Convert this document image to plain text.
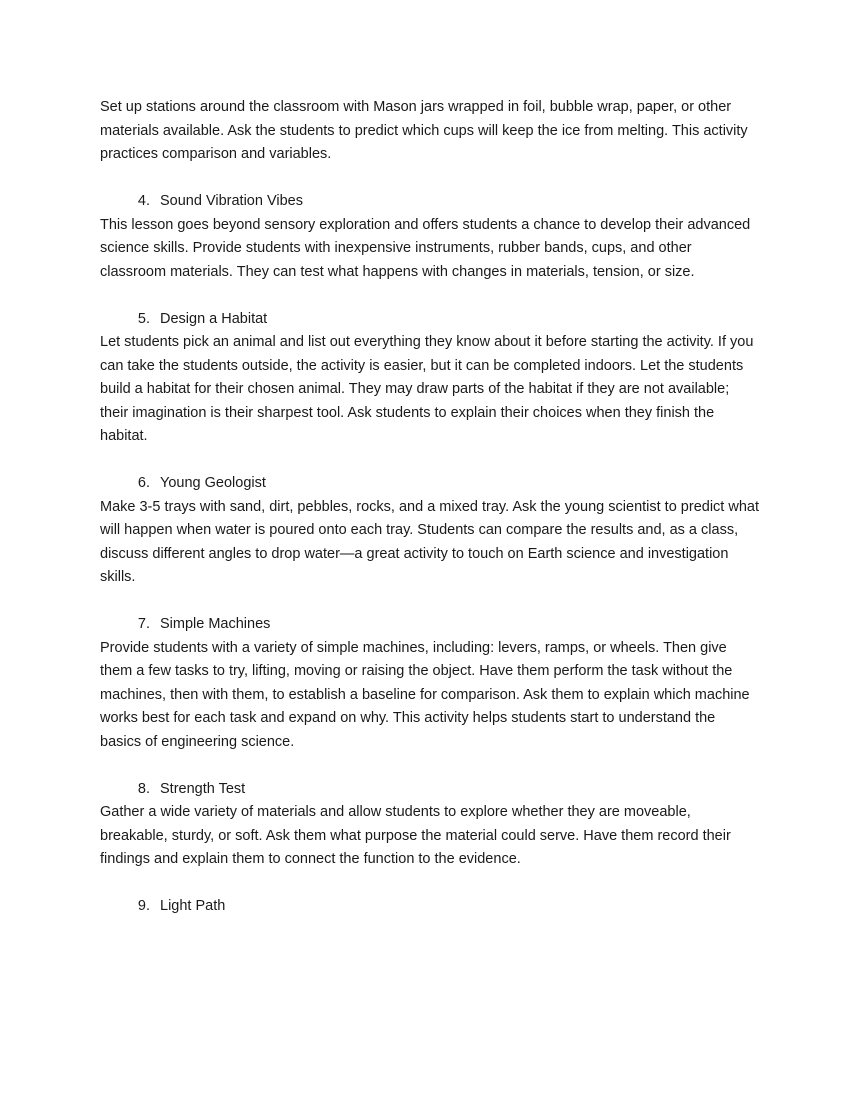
Set up stations around the classroom with Mason jars wrapped in foil, bubble wrap, paper, or other materials available. Ask the students to predict which cups will keep the ice from melting. This activity practices comparison and variables.

4. Sound Vibration Vibes

This lesson goes beyond sensory exploration and offers students a chance to develop their advanced science skills. Provide students with inexpensive instruments, rubber bands, cups, and other classroom materials. They can test what happens with changes in materials, tension, or size.

5. Design a Habitat

Let students pick an animal and list out everything they know about it before starting the activity. If you can take the students outside, the activity is easier, but it can be completed indoors. Let the students build a habitat for their chosen animal. They may draw parts of the habitat if they are not available; their imagination is their sharpest tool. Ask students to explain their choices when they finish the habitat.

6. Young Geologist

Make 3-5 trays with sand, dirt, pebbles, rocks, and a mixed tray. Ask the young scientist to predict what will happen when water is poured onto each tray. Students can compare the results and, as a class, discuss different angles to drop water—a great activity to touch on Earth science and investigation skills.

7. Simple Machines

Provide students with a variety of simple machines, including: levers, ramps, or wheels. Then give them a few tasks to try, lifting, moving or raising the object. Have them perform the task without the machines, then with them, to establish a baseline for comparison. Ask them to explain which machine works best for each task and expand on why. This activity helps students start to understand the basics of engineering science.

8. Strength Test

Gather a wide variety of materials and allow students to explore whether they are moveable, breakable, sturdy, or soft. Ask them what purpose the material could serve. Have them record their findings and explain them to connect the function to the evidence.

9. Light Path
